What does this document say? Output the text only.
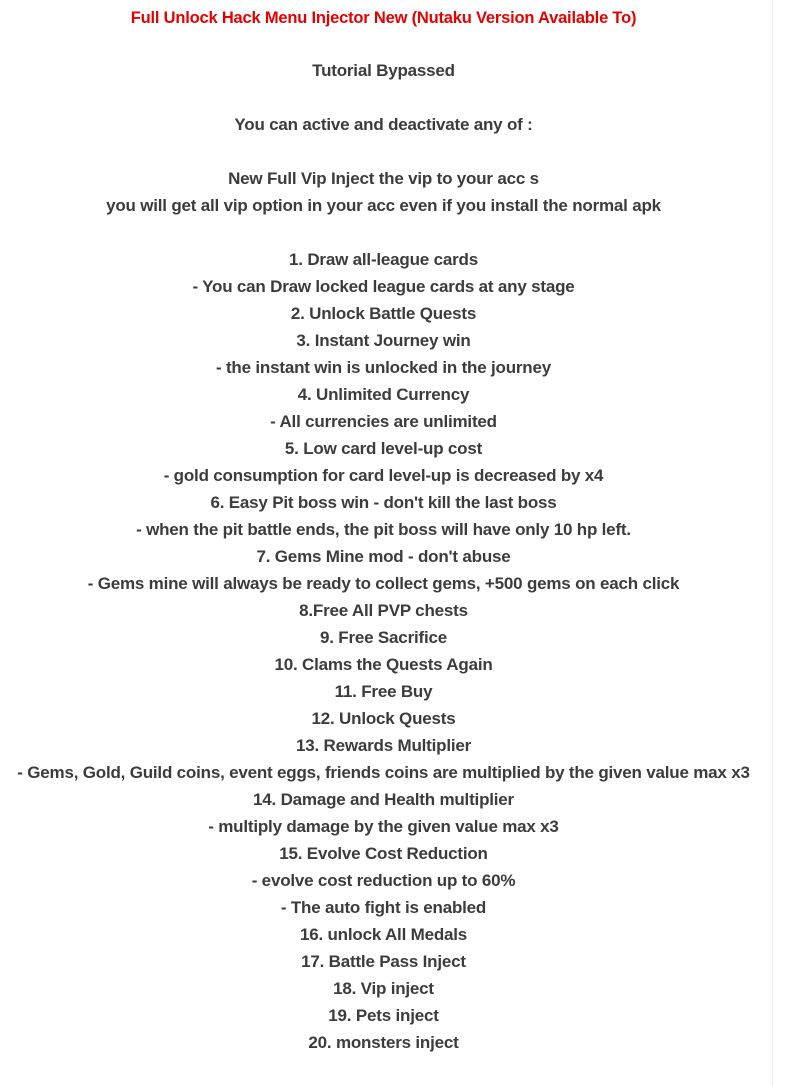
Full Unlock Hack Menu Injector New (Nutaku Version Available To)
Tutorial Bypassed
You can active and deactivate any of :
New Full Vip Inject the vip to your acc s
you will get all vip option in your acc even if you install the normal apk
1. Draw all-league cards
- You can Draw locked league cards at any stage
2. Unlock Battle Quests
3. Instant Journey win
- the instant win is unlocked in the journey
4. Unlimited Currency
- All currencies are unlimited
5. Low card level-up cost
- gold consumption for card level-up is decreased by x4
6. Easy Pit boss win - don't kill the last boss
- when the pit battle ends, the pit boss will have only 10 hp left.
7. Gems Mine mod - don't abuse
- Gems mine will always be ready to collect gems, +500 gems on each click
8.Free All PVP chests
9. Free Sacrifice
10. Clams the Quests Again
11. Free Buy
12. Unlock Quests
13. Rewards Multiplier
- Gems, Gold, Guild coins, event eggs, friends coins are multiplied by the given value max x3
14. Damage and Health multiplier
- multiply damage by the given value max x3
15. Evolve Cost Reduction
- evolve cost reduction up to 60%
- The auto fight is enabled
16. unlock All Medals
17. Battle Pass Inject
18. Vip inject
19. Pets inject
20. monsters inject
